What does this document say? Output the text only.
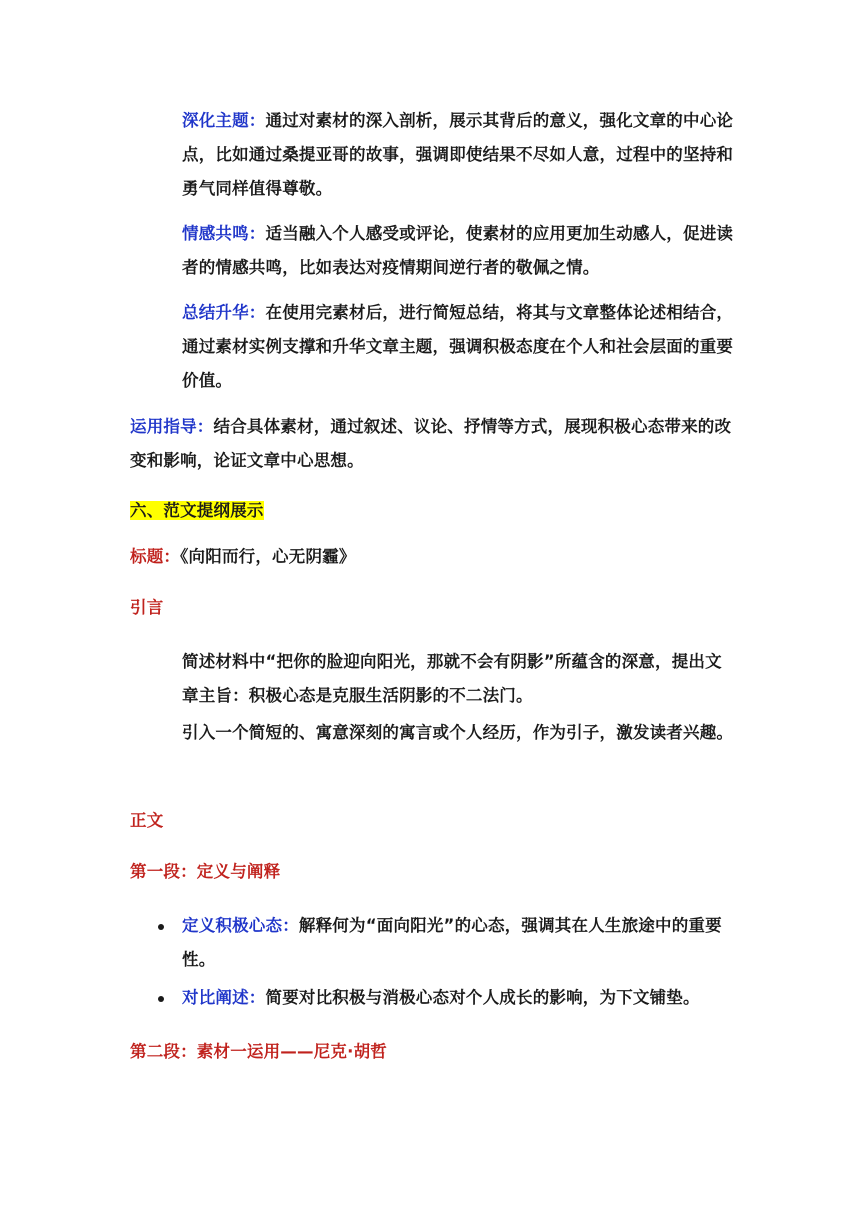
深化主题：通过对素材的深入剖析，展示其背后的意义，强化文章的中心论点，比如通过桑提亚哥的故事，强调即使结果不尽如人意，过程中的坚持和勇气同样值得尊敬。

情感共鸣：适当融入个人感受或评论，使素材的应用更加生动感人，促进读者的情感共鸣，比如表达对疫情期间逆行者的敬佩之情。

总结升华：在使用完素材后，进行简短总结，将其与文章整体论述相结合，通过素材实例支撑和升华文章主题，强调积极态度在个人和社会层面的重要价值。

运用指导：结合具体素材，通过叙述、议论、抒情等方式，展现积极心态带来的改变和影响，论证文章中心思想。

六、范文提纲展示

标题：《向阳而行，心无阴霾》

引言

简述材料中“把你的脸迎向阳光，那就不会有阴影”所蕴含的深意，提出文章主旨：积极心态是克服生活阴影的不二法门。

引入一个简短的、寓意深刻的寓言或个人经历，作为引子，激发读者兴趣。

正文

第一段：定义与阐释

定义积极心态：解释何为“面向阳光”的心态，强调其在人生旅途中的重要性。
对比阐述：简要对比积极与消极心态对个人成长的影响，为下文铺垫。

第二段：素材一运用——尼克·胡哲
